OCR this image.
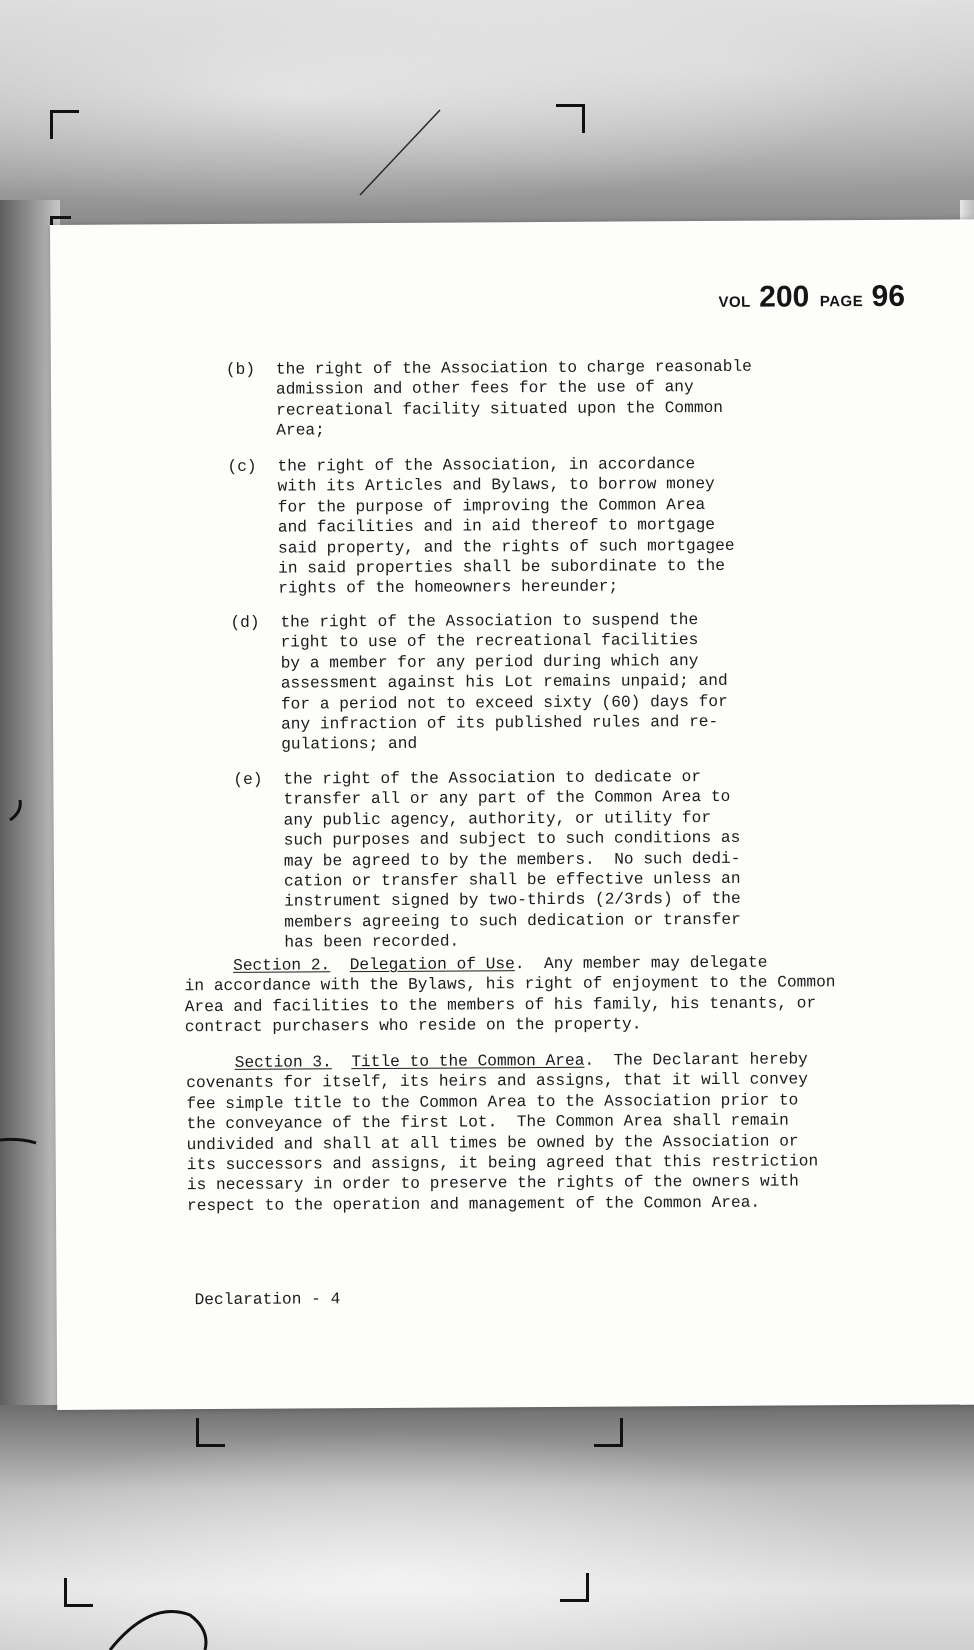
VOL 200 PAGE 96
(b) the right of the Association to charge reasonable

admission and other fees for the use of any

recreational facility situated upon the Common

Area;

(c) the right of the Association, in accordance

with its Articles and Bylaws, to borrow money

for the purpose of improving the Common Area

and facilities and in aid thereof to mortgage

said property, and the rights of such mortgagee

in said properties shall be subordinate to the

rights of the homeowners hereunder;

(d) the right of the Association to suspend the

right to use of the recreational facilities

by a member for any period during which any

assessment against his Lot remains unpaid; and

for a period not to exceed sixty (60) days for

any infraction of its published rules and re-

gulations; and

(e) the right of the Association to dedicate or

transfer all or any part of the Common Area to

any public agency, authority, or utility for

such purposes and subject to such conditions as

may be agreed to by the members.  No such dedi-

cation or transfer shall be effective unless an

instrument signed by two-thirds (2/3rds) of the

members agreeing to such dedication or transfer

has been recorded.

Section 2. Delegation of Use.  Any member may delegate

in accordance with the Bylaws, his right of enjoyment to the Common

Area and facilities to the members of his family, his tenants, or

contract purchasers who reside on the property.

Section 3. Title to the Common Area.  The Declarant hereby

covenants for itself, its heirs and assigns, that it will convey

fee simple title to the Common Area to the Association prior to

the conveyance of the first Lot.  The Common Area shall remain

undivided and shall at all times be owned by the Association or

its successors and assigns, it being agreed that this restriction

is necessary in order to preserve the rights of the owners with

respect to the operation and management of the Common Area.

Declaration - 4
